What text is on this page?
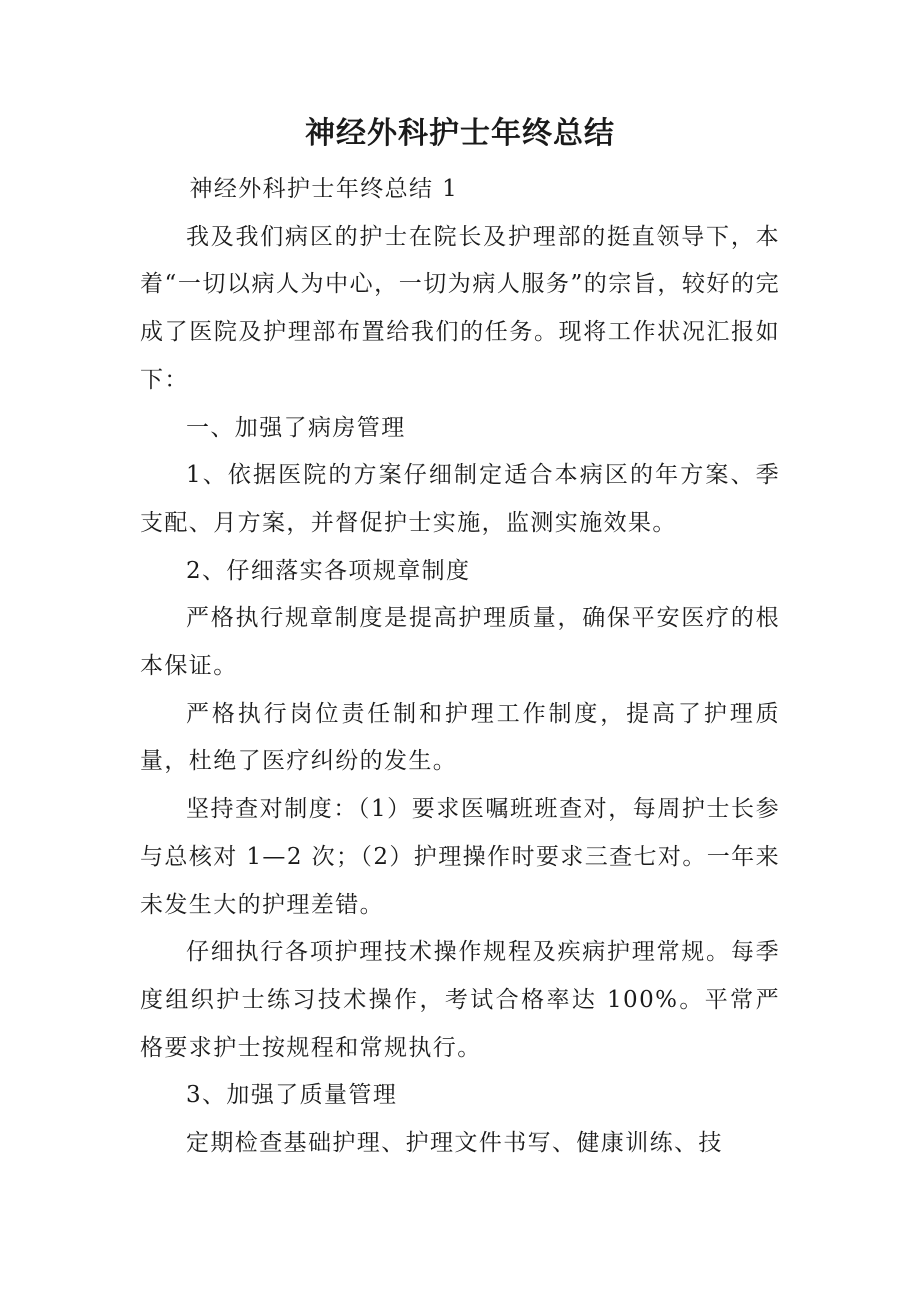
神经外科护士年终总结

神经外科护士年终总结 1

我及我们病区的护士在院长及护理部的挺直领导下，本着“一切以病人为中心，一切为病人服务”的宗旨，较好的完成了医院及护理部布置给我们的任务。现将工作状况汇报如下：

一、加强了病房管理

1、依据医院的方案仔细制定适合本病区的年方案、季支配、月方案，并督促护士实施，监测实施效果。

2、仔细落实各项规章制度

严格执行规章制度是提高护理质量，确保平安医疗的根本保证。

严格执行岗位责任制和护理工作制度，提高了护理质量，杜绝了医疗纠纷的发生。

坚持查对制度：（1）要求医嘱班班查对，每周护士长参与总核对 1—2 次；（2）护理操作时要求三查七对。一年来未发生大的护理差错。

仔细执行各项护理技术操作规程及疾病护理常规。每季度组织护士练习技术操作，考试合格率达 100%。平常严格要求护士按规程和常规执行。

3、加强了质量管理

定期检查基础护理、护理文件书写、健康训练、技
